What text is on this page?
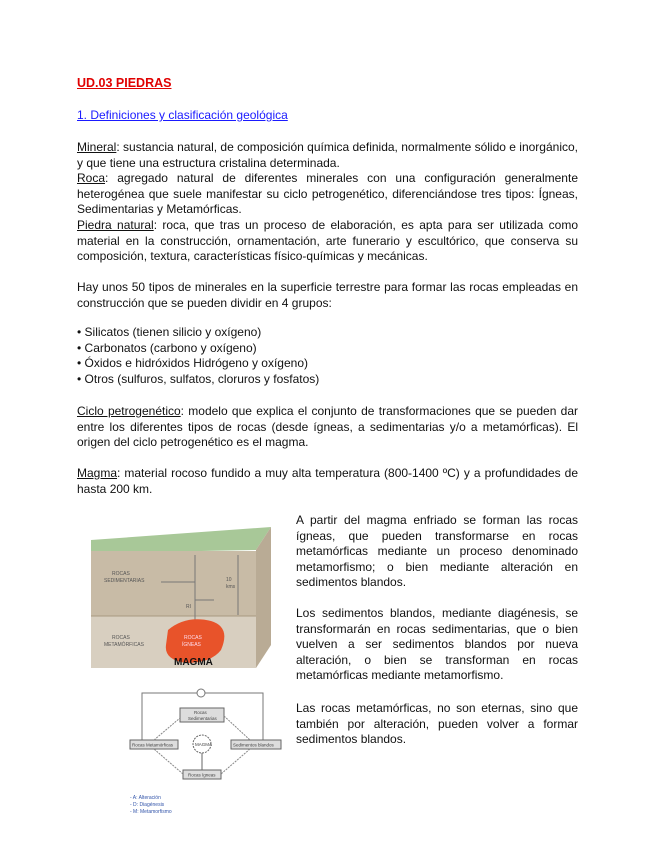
UD.03 PIEDRAS
1. Definiciones y clasificación geológica
Mineral: sustancia natural, de composición química definida, normalmente sólido e inorgánico, y que tiene una estructura cristalina determinada.
Roca: agregado natural de diferentes minerales con una configuración generalmente heterogénea que suele manifestar su ciclo petrogenético, diferenciándose tres tipos: Ígneas, Sedimentarias y Metamórficas.
Piedra natural: roca, que tras un proceso de elaboración, es apta para ser utilizada como material en la construcción, ornamentación, arte funerario y escultórico, que conserva su composición, textura, características físico-químicas y mecánicas.
Hay unos 50 tipos de minerales en la superficie terrestre para formar las rocas empleadas en construcción que se pueden dividir en 4 grupos:
• Silicatos (tienen silicio y oxígeno)
• Carbonatos (carbono y oxígeno)
• Óxidos e hidróxidos Hidrógeno y oxígeno)
• Otros (sulfuros, sulfatos, cloruros y fosfatos)
Ciclo petrogenético: modelo que explica el conjunto de transformaciones que se pueden dar entre los diferentes tipos de rocas (desde ígneas, a sedimentarias y/o a metamórficas). El origen del ciclo petrogenético es el magma.
Magma: material rocoso fundido a muy alta temperatura (800-1400 ºC) y a profundidades de hasta 200 km.
A partir del magma enfriado se forman las rocas ígneas, que pueden transformarse en rocas metamórficas mediante un proceso denominado metamorfismo; o bien mediante alteración en sedimentos blandos.
Los sedimentos blandos, mediante diagénesis, se transformarán en rocas sedimentarias, que o bien vuelven a ser sedimentos blandos por nueva alteración, o bien se transforman en rocas metamórficas mediante metamorfismo.
Las rocas metamórficas, no son eternas, sino que también por alteración, pueden volver a formar sedimentos blandos.
ROCAS
SEDIMENTARIAS
ROCAS
METAMÓRFICAS
ROCAS
ÍGNEAS
MAGMA
10
kms
RI
Rocas
Sedimentarias
Rocas Metamórficas	Sedimentos blandos
Rocas ígneas
MAGMA
- A: Alteración
- D: Diagénesis
- M: Metamorfismo
